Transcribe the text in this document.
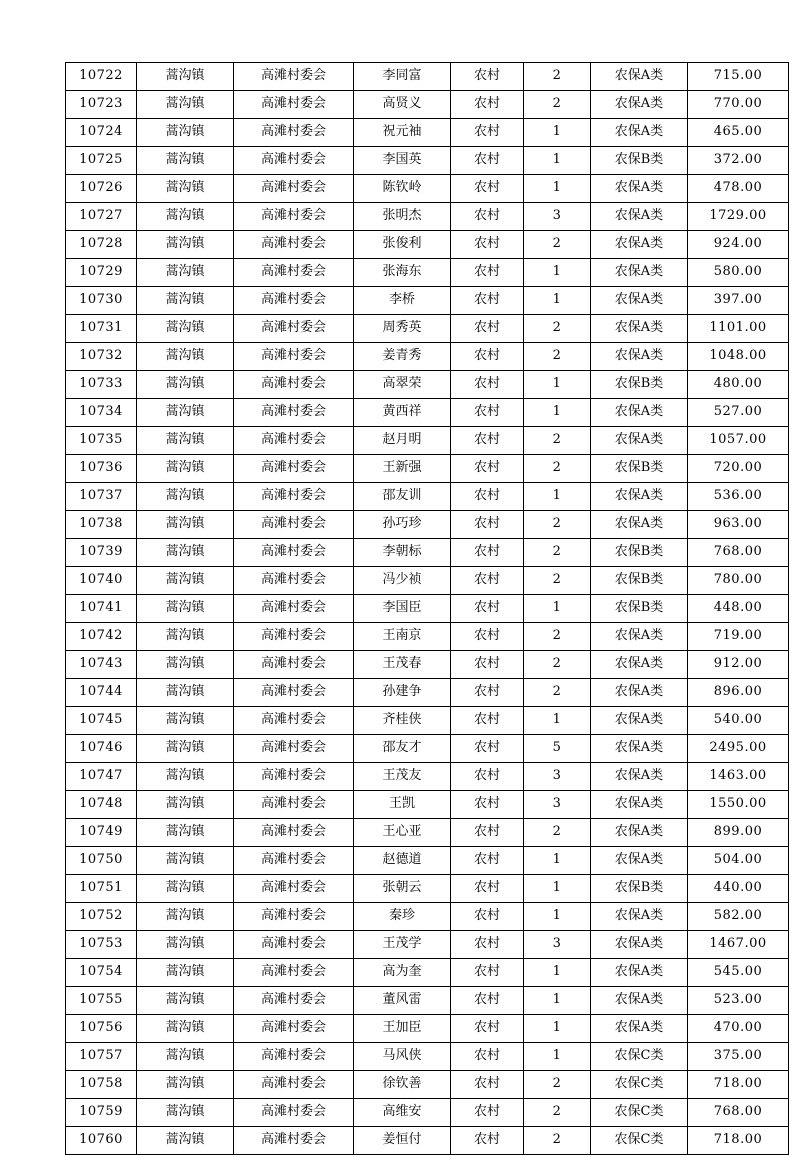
10722	蒿沟镇	高滩村委会	李同富	农村	2	农保A类	715.00
10723	蒿沟镇	高滩村委会	高贤义	农村	2	农保A类	770.00
10724	蒿沟镇	高滩村委会	祝元袖	农村	1	农保A类	465.00
10725	蒿沟镇	高滩村委会	李国英	农村	1	农保B类	372.00
10726	蒿沟镇	高滩村委会	陈钦岭	农村	1	农保A类	478.00
10727	蒿沟镇	高滩村委会	张明杰	农村	3	农保A类	1729.00
10728	蒿沟镇	高滩村委会	张俊利	农村	2	农保A类	924.00
10729	蒿沟镇	高滩村委会	张海东	农村	1	农保A类	580.00
10730	蒿沟镇	高滩村委会	李桥	农村	1	农保A类	397.00
10731	蒿沟镇	高滩村委会	周秀英	农村	2	农保A类	1101.00
10732	蒿沟镇	高滩村委会	姜青秀	农村	2	农保A类	1048.00
10733	蒿沟镇	高滩村委会	高翠荣	农村	1	农保B类	480.00
10734	蒿沟镇	高滩村委会	黄西祥	农村	1	农保A类	527.00
10735	蒿沟镇	高滩村委会	赵月明	农村	2	农保A类	1057.00
10736	蒿沟镇	高滩村委会	王新强	农村	2	农保B类	720.00
10737	蒿沟镇	高滩村委会	邵友训	农村	1	农保A类	536.00
10738	蒿沟镇	高滩村委会	孙巧珍	农村	2	农保A类	963.00
10739	蒿沟镇	高滩村委会	李朝标	农村	2	农保B类	768.00
10740	蒿沟镇	高滩村委会	冯少祯	农村	2	农保B类	780.00
10741	蒿沟镇	高滩村委会	李国臣	农村	1	农保B类	448.00
10742	蒿沟镇	高滩村委会	王南京	农村	2	农保A类	719.00
10743	蒿沟镇	高滩村委会	王茂春	农村	2	农保A类	912.00
10744	蒿沟镇	高滩村委会	孙建争	农村	2	农保A类	896.00
10745	蒿沟镇	高滩村委会	齐桂侠	农村	1	农保A类	540.00
10746	蒿沟镇	高滩村委会	邵友才	农村	5	农保A类	2495.00
10747	蒿沟镇	高滩村委会	王茂友	农村	3	农保A类	1463.00
10748	蒿沟镇	高滩村委会	王凯	农村	3	农保A类	1550.00
10749	蒿沟镇	高滩村委会	王心亚	农村	2	农保A类	899.00
10750	蒿沟镇	高滩村委会	赵德道	农村	1	农保A类	504.00
10751	蒿沟镇	高滩村委会	张朝云	农村	1	农保B类	440.00
10752	蒿沟镇	高滩村委会	秦珍	农村	1	农保A类	582.00
10753	蒿沟镇	高滩村委会	王茂学	农村	3	农保A类	1467.00
10754	蒿沟镇	高滩村委会	高为奎	农村	1	农保A类	545.00
10755	蒿沟镇	高滩村委会	董风雷	农村	1	农保A类	523.00
10756	蒿沟镇	高滩村委会	王加臣	农村	1	农保A类	470.00
10757	蒿沟镇	高滩村委会	马风侠	农村	1	农保C类	375.00
10758	蒿沟镇	高滩村委会	徐钦善	农村	2	农保C类	718.00
10759	蒿沟镇	高滩村委会	高维安	农村	2	农保C类	768.00
10760	蒿沟镇	高滩村委会	姜恒付	农村	2	农保C类	718.00
